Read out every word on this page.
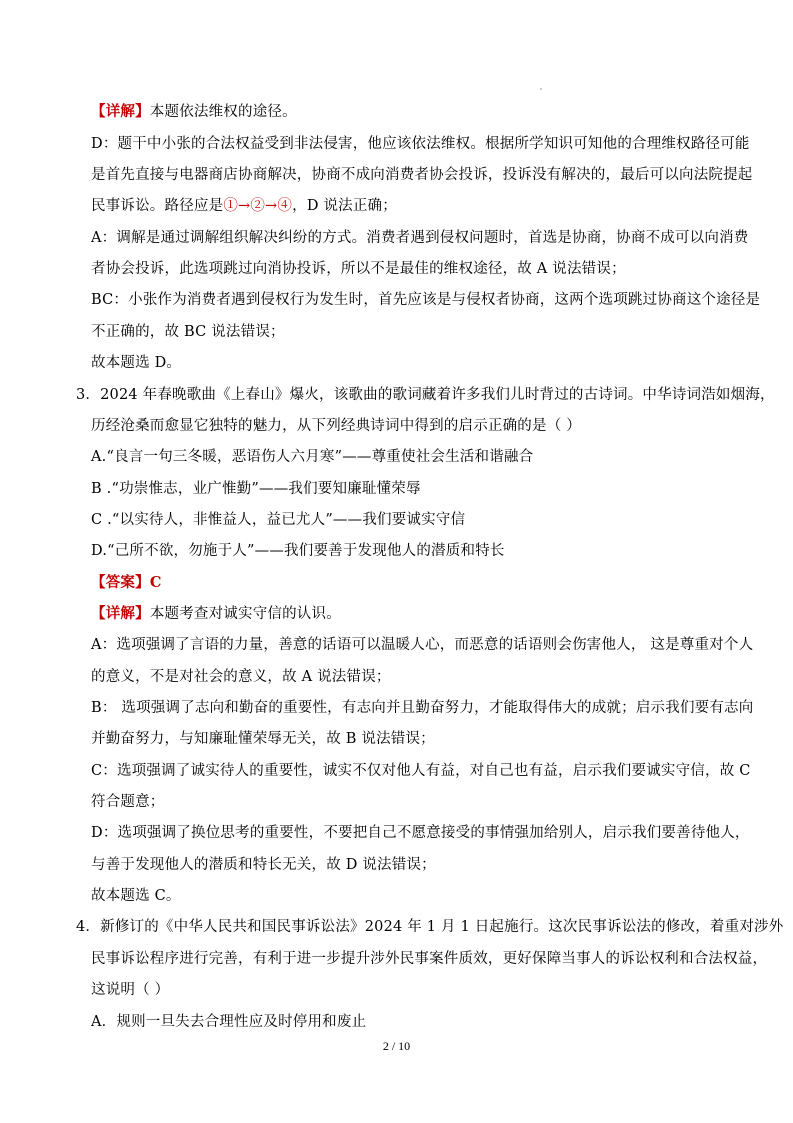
【详解】本题依法维权的途径。
D：题干中小张的合法权益受到非法侵害，他应该依法维权。根据所学知识可知他的合理维权路径可能
是首先直接与电器商店协商解决，协商不成向消费者协会投诉，投诉没有解决的，最后可以向法院提起
民事诉讼。路径应是①→②→④，D 说法正确；
A：调解是通过调解组织解决纠纷的方式。消费者遇到侵权问题时，首选是协商，协商不成可以向消费
者协会投诉，此选项跳过向消协投诉，所以不是最佳的维权途径，故 A 说法错误；
BC：小张作为消费者遇到侵权行为发生时，首先应该是与侵权者协商，这两个选项跳过协商这个途径是
不正确的，故 BC 说法错误；
故本题选 D。
3．2024 年春晚歌曲《上春山》爆火，该歌曲的歌词藏着许多我们儿时背过的古诗词。中华诗词浩如烟海，
历经沧桑而愈显它独特的魅力，从下列经典诗词中得到的启示正确的是（ ）
A.“良言一句三冬暖，恶语伤人六月寒”——尊重使社会生活和谐融合
B .“功崇惟志，业广惟勤”——我们要知廉耻懂荣辱
C .“以实待人，非惟益人，益已尤人”——我们要诚实守信
D.“己所不欲，勿施于人”——我们要善于发现他人的潜质和特长
【答案】C
【详解】本题考查对诚实守信的认识。
A：选项强调了言语的力量，善意的话语可以温暖人心，而恶意的话语则会伤害他人， 这是尊重对个人
的意义，不是对社会的意义，故 A 说法错误；
B： 选项强调了志向和勤奋的重要性，有志向并且勤奋努力，才能取得伟大的成就；启示我们要有志向
并勤奋努力，与知廉耻懂荣辱无关，故 B 说法错误；
C：选项强调了诚实待人的重要性，诚实不仅对他人有益，对自己也有益，启示我们要诚实守信，故 C
符合题意；
D：选项强调了换位思考的重要性，不要把自己不愿意接受的事情强加给别人，启示我们要善待他人，
与善于发现他人的潜质和特长无关，故 D 说法错误；
故本题选 C。
4．新修订的《中华人民共和国民事诉讼法》2024 年 1 月 1 日起施行。这次民事诉讼法的修改，着重对涉外
民事诉讼程序进行完善，有利于进一步提升涉外民事案件质效，更好保障当事人的诉讼权利和合法权益，
这说明（ ）
A．规则一旦失去合理性应及时停用和废止
2 / 10
